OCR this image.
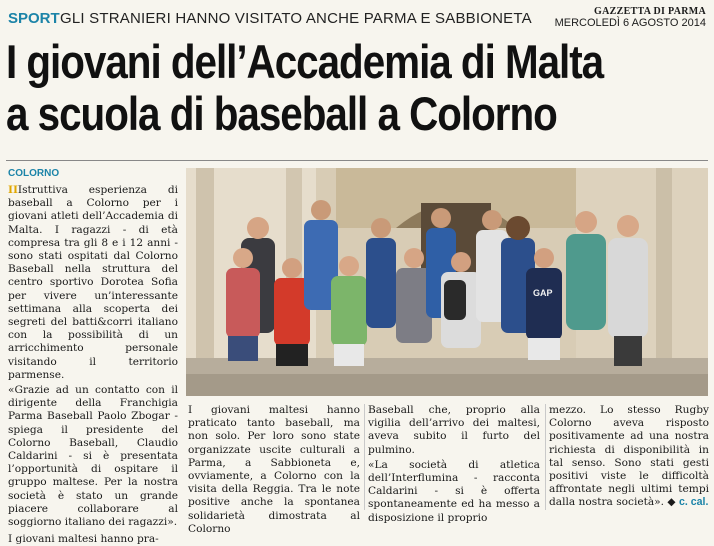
SPORT GLI STRANIERI HANNO VISITATO ANCHE PARMA E SABBIONETA	GAZZETTA DI PARMA
MERCOLEDÌ 6 AGOSTO 2014
I giovani dell’Accademia di Malta
a scuola di baseball a Colorno
COLORNO

IIIstruttiva esperienza di baseball a Colorno per i giovani atleti dell’Accademia di Malta. I ragazzi - di età compresa tra gli 8 e i 12 anni - sono stati ospitati dal Colorno Baseball nella struttura del centro sportivo Dorotea Sofia per vivere un’interessante settimana alla scoperta dei segreti del batti&corri italiano con la possibilità di un arricchimento personale visitando il territorio parmense.

«Grazie ad un contatto con il dirigente della Franchigia Parma Baseball Paolo Zbogar - spiega il presidente del Colorno Baseball, Claudio Caldarini - si è presentata l’opportunità di ospitare il gruppo maltese. Per la nostra società è stato un grande piacere collaborare al soggiorno italiano dei ragazzi».

I giovani maltesi hanno pra-

GAP

I giovani maltesi hanno praticato tanto baseball, ma non solo. Per loro sono state organizzate uscite culturali a Parma, a Sabbioneta e, ovviamente, a Colorno con la visita della Reggia. Tra le note positive anche la spontanea solidarietà dimostrata al Colorno

Baseball che, proprio alla vigilia dell’arrivo dei maltesi, aveva subito il furto del pulmino.

«La società di atletica dell’Interflumina - racconta Caldarini - si è offerta spontaneamente ed ha messo a disposizione il proprio

mezzo. Lo stesso Rugby Colorno aveva risposto positivamente ad una nostra richiesta di disponibilità in tal senso. Sono stati gesti positivi viste le difficoltà affrontate negli ultimi tempi dalla nostra società». ◆ c. cal.
